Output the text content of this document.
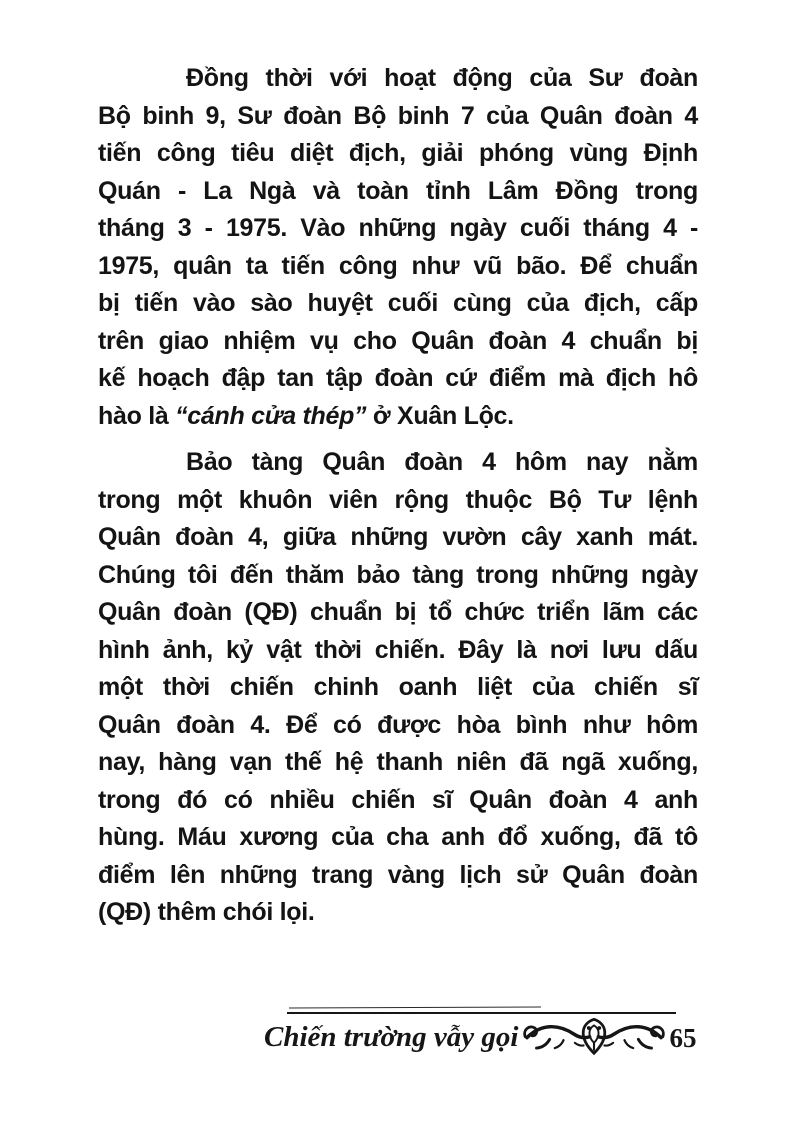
Đồng thời với hoạt động của Sư đoàn
Bộ binh 9, Sư đoàn Bộ binh 7 của Quân đoàn 4
tiến công tiêu diệt địch, giải phóng vùng Định
Quán - La Ngà và toàn tỉnh Lâm Đồng trong
tháng 3 - 1975. Vào những ngày cuối tháng 4 -
1975, quân ta tiến công như vũ bão. Để chuẩn
bị tiến vào sào huyệt cuối cùng của địch, cấp
trên giao nhiệm vụ cho Quân đoàn 4 chuẩn bị
kế hoạch đập tan tập đoàn cứ điểm mà địch hô
hào là “cánh cửa thép” ở Xuân Lộc.
Bảo tàng Quân đoàn 4 hôm nay nằm
trong một khuôn viên rộng thuộc Bộ Tư lệnh
Quân đoàn 4, giữa những vườn cây xanh mát.
Chúng tôi đến thăm bảo tàng trong những ngày
Quân đoàn (QĐ) chuẩn bị tổ chức triển lãm các
hình ảnh, kỷ vật thời chiến. Đây là nơi lưu dấu
một thời chiến chinh oanh liệt của chiến sĩ
Quân đoàn 4. Để có được hòa bình như hôm
nay, hàng vạn thế hệ thanh niên đã ngã xuống,
trong đó có nhiều chiến sĩ Quân đoàn 4 anh
hùng. Máu xương của cha anh đổ xuống, đã tô
điểm lên những trang vàng lịch sử Quân đoàn
(QĐ) thêm chói lọi.
Chiến trường vẫy gọi	65
